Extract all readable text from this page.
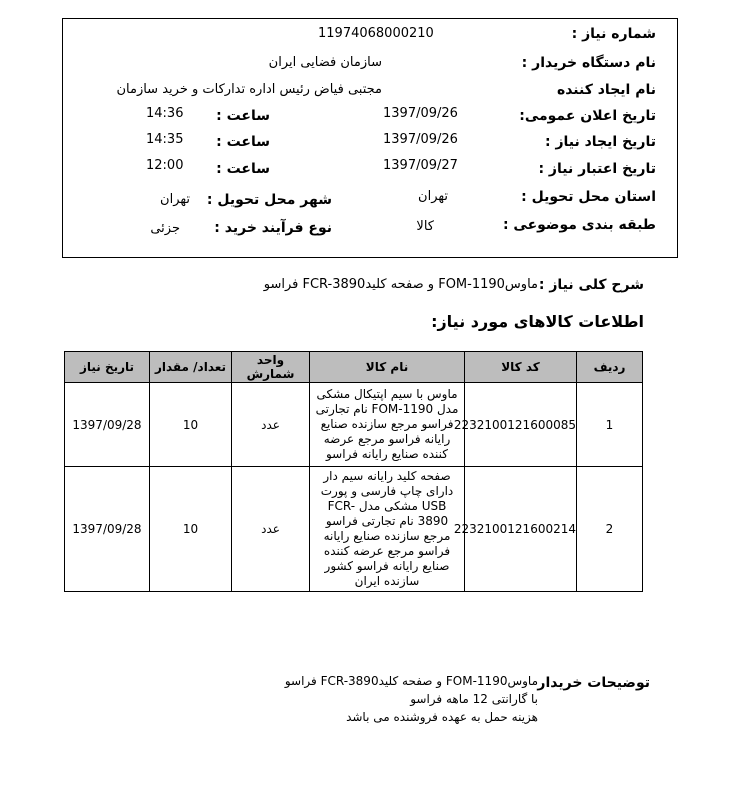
شماره نیاز :
11974068000210
نام دستگاه خریدار :
سازمان فضایی ایران
نام ایجاد کننده
مجتبی فیاض رئیس اداره تدارکات و خرید سازمان
تاریخ اعلان عمومی:
1397/09/26
ساعت :
14:36
تاریخ ایجاد نیاز :
1397/09/26
ساعت :
14:35
تاریخ اعتبار نیاز :
1397/09/27
ساعت :
12:00
استان محل تحویل :
تهران
شهر محل تحویل :
تهران
طبقه بندی موضوعی :
کالا
نوع فرآیند خرید :
جزئی
شرح کلی نیاز :
ماوسFOM-1190 و صفحه کلیدFCR-3890 فراسو
اطلاعات کالاهای مورد نیاز:
ردیف	کد کالا	نام کالا	واحد شمارش	تعداد/ مقدار	تاریخ نیاز
1	2232100121600085	ماوس با سیم اپتیکال مشکی مدل FOM-1190 نام تجارتی فراسو مرجع سازنده صنایع رایانه فراسو مرجع عرضه کننده صنایع رایانه فراسو	عدد	10	1397/09/28
2	2232100121600214	صفحه کلید رایانه سیم دار دارای چاپ فارسی و پورت USB مشکی مدل FCR-3890 نام تجارتی فراسو مرجع سازنده صنایع رایانه فراسو مرجع عرضه کننده صنایع رایانه فراسو کشور سازنده ایران	عدد	10	1397/09/28
توضیحات خریدار
ماوسFOM-1190 و صفحه کلیدFCR-3890 فراسو
با گارانتی 12 ماهه فراسو
هزینه حمل به عهده فروشنده می باشد
